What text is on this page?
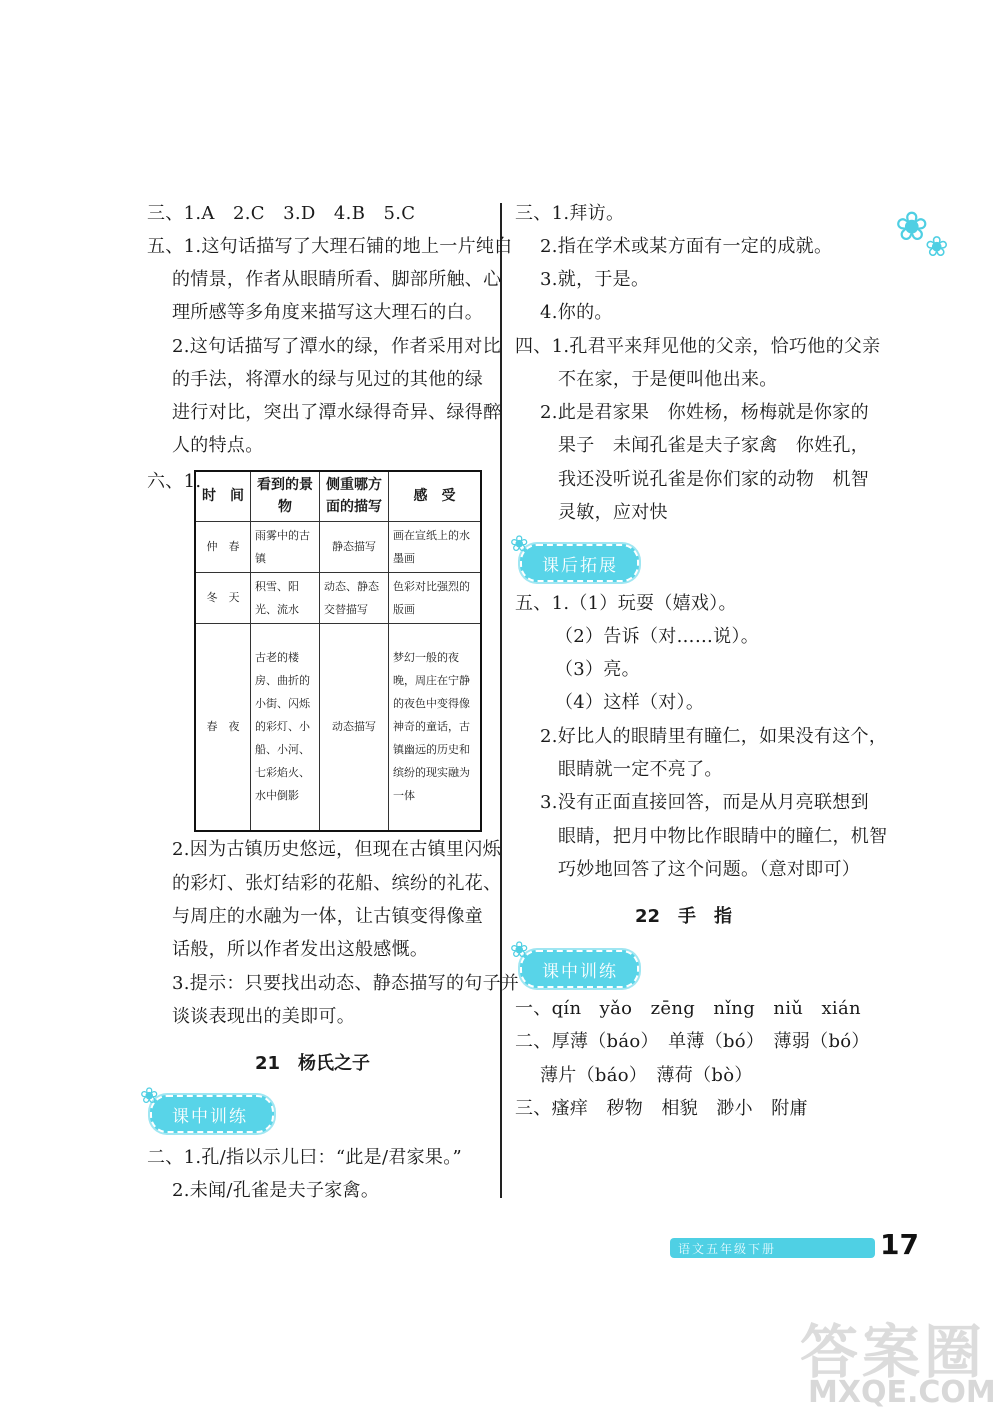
❀
❀
三、1.A　2.C　3.D　4.B　5.C
五、1.这句话描写了大理石铺的地上一片纯白
的情景，作者从眼睛所看、脚部所触、心
理所感等多角度来描写这大理石的白。
2.这句话描写了潭水的绿，作者采用对比
的手法，将潭水的绿与见过的其他的绿
进行对比，突出了潭水绿得奇异、绿得醉
人的特点。
六、1.
时　间	看到的景物	侧重哪方面的描写	感　受
仲　春	雨雾中的古镇	静态描写	画在宣纸上的水墨画
冬　天	积雪、阳光、流水	动态、静态交替描写	色彩对比强烈的版画
春　夜	古老的楼房、曲折的小街、闪烁的彩灯、小船、小河、七彩焰火、水中倒影	动态描写	梦幻一般的夜晚，周庄在宁静的夜色中变得像神奇的童话，古镇幽远的历史和缤纷的现实融为一体
2.因为古镇历史悠远，但现在古镇里闪烁
的彩灯、张灯结彩的花船、缤纷的礼花、
与周庄的水融为一体，让古镇变得像童
话般，所以作者发出这般感慨。
3.提示：只要找出动态、静态描写的句子并
谈谈表现出的美即可。
21　杨氏之子
课中训练
❀
二、1.孔/指以示儿曰：“此是/君家果。”
2.未闻/孔雀是夫子家禽。
三、1.拜访。
2.指在学术或某方面有一定的成就。
3.就，于是。
4.你的。
四、1.孔君平来拜见他的父亲，恰巧他的父亲
不在家，于是便叫他出来。
2.此是君家果　你姓杨，杨梅就是你家的
果子　未闻孔雀是夫子家禽　你姓孔，
我还没听说孔雀是你们家的动物　机智
灵敏，应对快
课后拓展
❀
五、1.（1）玩耍（嬉戏）。
（2）告诉（对……说）。
（3）亮。
（4）这样（对）。
2.好比人的眼睛里有瞳仁，如果没有这个，
眼睛就一定不亮了。
3.没有正面直接回答，而是从月亮联想到
眼睛，把月中物比作眼睛中的瞳仁，机智
巧妙地回答了这个问题。（意对即可）
22　手　指
课中训练
❀
一、qín　yǎo　zēng　nǐng　niǔ　xián
二、厚薄（báo）　单薄（bó）　薄弱（bó）
薄片（báo）　薄荷（bò）
三、瘙痒　秽物　相貌　渺小　附庸
语文五年级下册	17
答案圈
MXQE.COM
